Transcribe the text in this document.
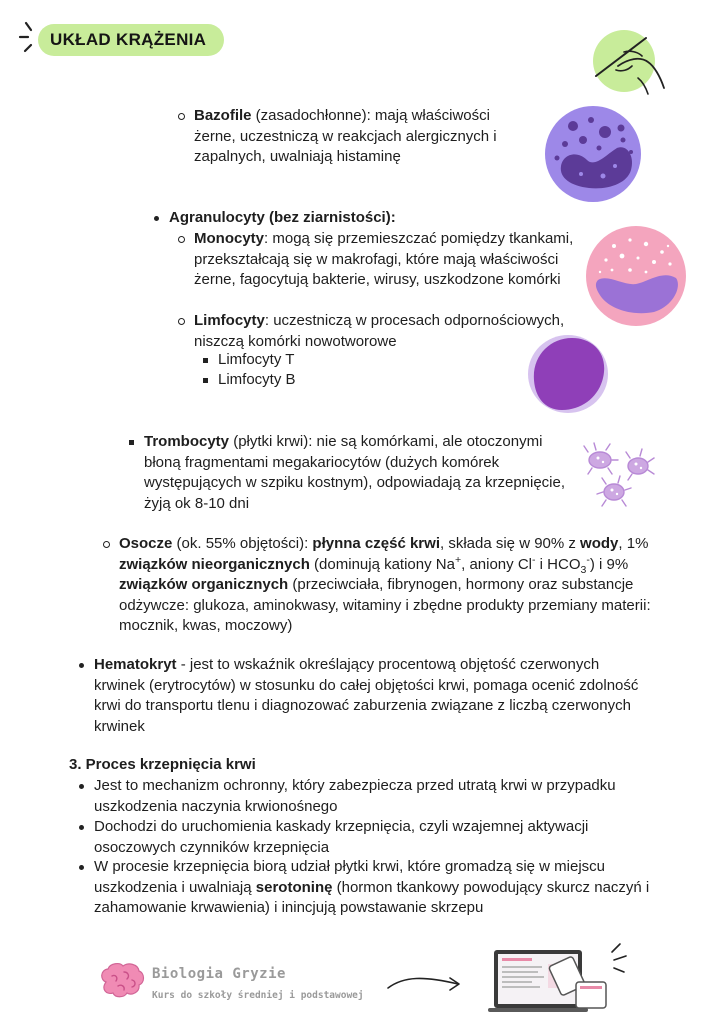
UKŁAD KRĄŻENIA
Bazofile (zasadochłonne): mają właściwości żerne, uczestniczą w reakcjach alergicznych i zapalnych, uwalniają histaminę
Agranulocyty (bez ziarnistości):
Monocyty: mogą się przemieszczać pomiędzy tkankami, przekształcają się w makrofagi, które mają właściwości żerne, fagocytują bakterie, wirusy, uszkodzone komórki
Limfocyty: uczestniczą w procesach odpornościowych, niszczą komórki nowotworowe
Limfocyty T
Limfocyty B
Trombocyty (płytki krwi): nie są komórkami, ale otoczonymi błoną fragmentami megakariocytów (dużych komórek występujących w szpiku kostnym), odpowiadają za krzepnięcie, żyją ok 8-10 dni
Osocze (ok. 55% objętości): płynna część krwi, składa się w 90% z wody, 1% związków nieorganicznych (dominują kationy Na+, aniony Cl- i $HCO_3^-$) i 9% związków organicznych (przeciwciała, fibrynogen, hormony oraz substancje odżywcze: glukoza, aminokwasy, witaminy i zbędne produkty przemiany materii: mocznik, kwas, moczowy)
Hematokryt - jest to wskaźnik określający procentową objętość czerwonych krwinek (erytrocytów) w stosunku do całej objętości krwi, pomaga ocenić zdolność krwi do transportu tlenu i diagnozować zaburzenia związane z liczbą czerwonych krwinek
3. Proces krzepnięcia krwi
Jest to mechanizm ochronny, który zabezpiecza przed utratą krwi w przypadku uszkodzenia naczynia krwionośnego
Dochodzi do uruchomienia kaskady krzepnięcia, czyli wzajemnej aktywacji osoczowych czynników krzepnięcia
W procesie krzepnięcia biorą udział płytki krwi, które gromadzą się w miejscu uszkodzenia i uwalniają serotoninę (hormon tkankowy powodujący skurcz naczyń i zahamowanie krwawienia) i inincjują powstawanie skrzepu
Biologia Gryzie
Kurs do szkoły średniej i podstawowej
